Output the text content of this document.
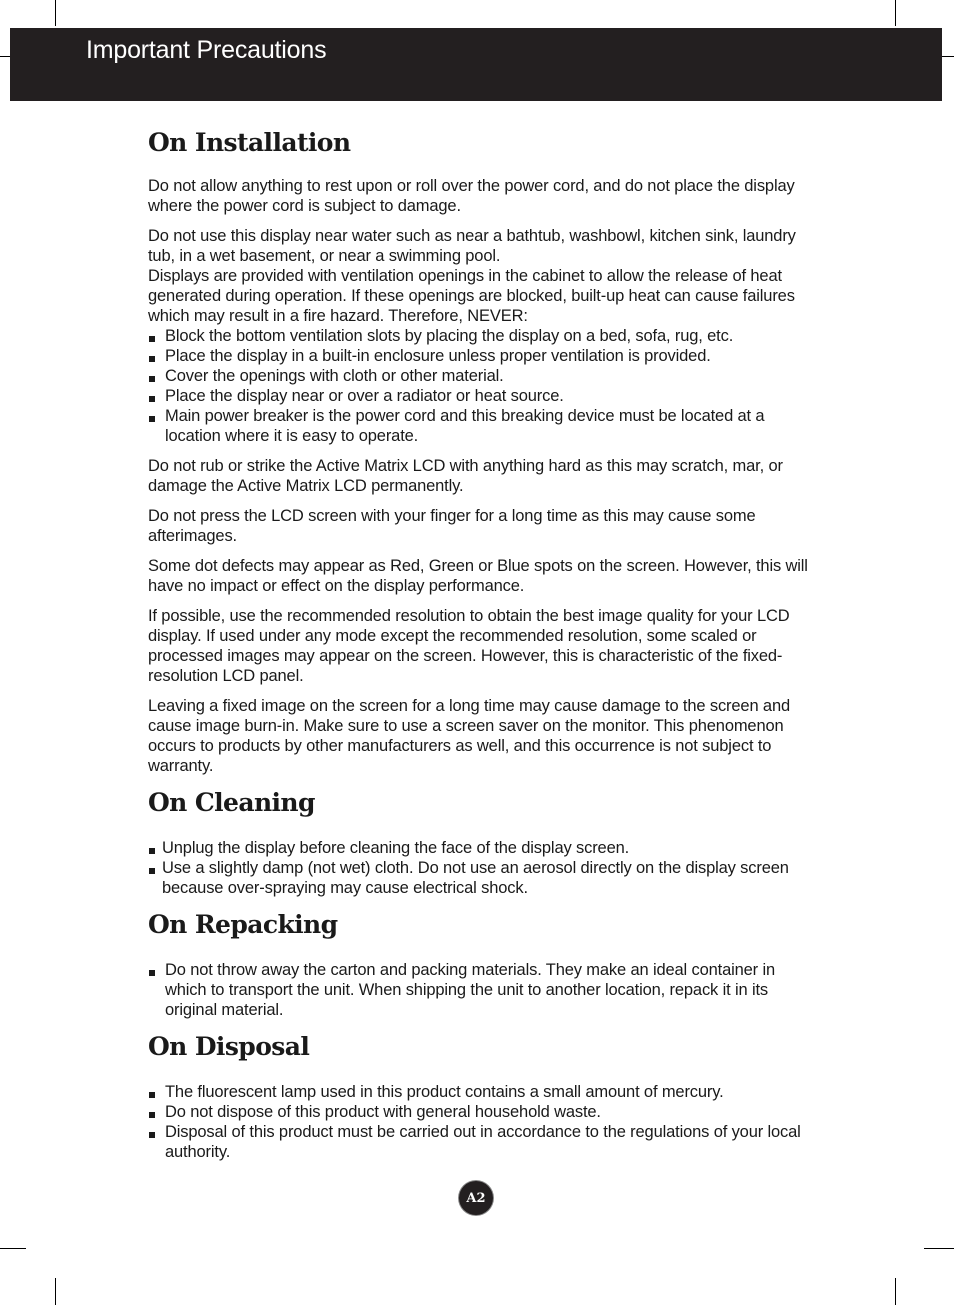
Important Precautions
On Installation

Do not allow anything to rest upon or roll over the power cord, and do not place the display where the power cord is subject to damage.

Do not use this display near water such as near a bathtub, washbowl, kitchen sink, laundry tub, in a wet basement, or near a swimming pool.

Displays are provided with ventilation openings in the cabinet to allow the release of heat generated during operation. If these openings are blocked, built-up heat can cause failures which may result in a fire hazard. Therefore, NEVER:

Block the bottom ventilation slots by placing the display on a bed, sofa, rug, etc.
Place the display in a built-in enclosure unless proper ventilation is provided.
Cover the openings with cloth or other material.
Place the display near or over a radiator or heat source.
Main power breaker is the power cord and this breaking device must be located at a location where it is easy to operate.

Do not rub or strike the Active Matrix LCD with anything hard as this may scratch, mar, or damage the Active Matrix LCD permanently.

Do not press the LCD screen with your finger for a long time as this may cause some afterimages.

Some dot defects may appear as Red, Green or Blue spots on the screen. However, this will have no impact or effect on the display performance.

If possible, use the recommended resolution to obtain the best image quality for your LCD display. If used under any mode except the recommended resolution, some scaled or processed images may appear on the screen. However, this is characteristic of the fixed-resolution LCD panel.

Leaving a fixed image on the screen for a long time may cause damage to the screen and cause image burn-in. Make sure to use a screen saver on the monitor. This phenomenon occurs to products by other manufacturers as well, and this occurrence is not subject to warranty.

On Cleaning
Unplug the display before cleaning the face of the display screen.
Use a slightly damp (not wet) cloth. Do not use an aerosol directly on the display screen because over-spraying may cause electrical shock.
On Repacking
Do not throw away the carton and packing materials. They make an ideal container in which to transport the unit. When shipping the unit to another location, repack it in its original material.
On Disposal
The fluorescent lamp used in this product contains a small amount of mercury.
Do not dispose of this product with general household waste.
Disposal of this product must be carried out in accordance to the regulations of your local authority.
A2
